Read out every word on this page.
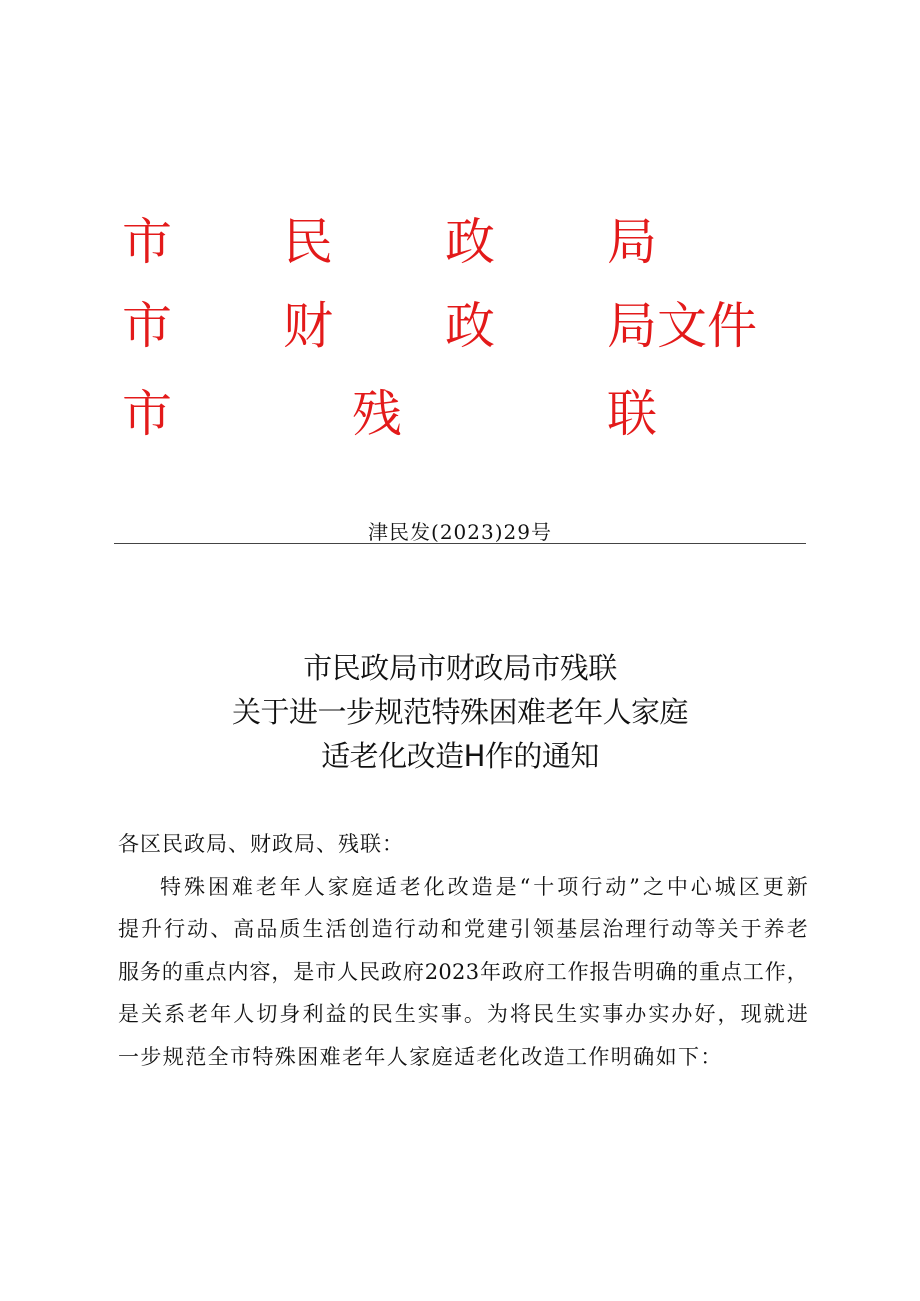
市 民 政 局
市 财 政 局文件
市	残	联
津民发(2023)29号
市民政局市财政局市残联
关于进一步规范特殊困难老年人家庭
适老化改造H作的通知
各区民政局、财政局、残联：
特殊困难老年人家庭适老化改造是“十项行动”之中心城区更新
提升行动、高品质生活创造行动和党建引领基层治理行动等关于养老
服务的重点内容，是市人民政府2023年政府工作报告明确的重点工作，
是关系老年人切身利益的民生实事。为将民生实事办实办好，现就进
一步规范全市特殊困难老年人家庭适老化改造工作明确如下：
